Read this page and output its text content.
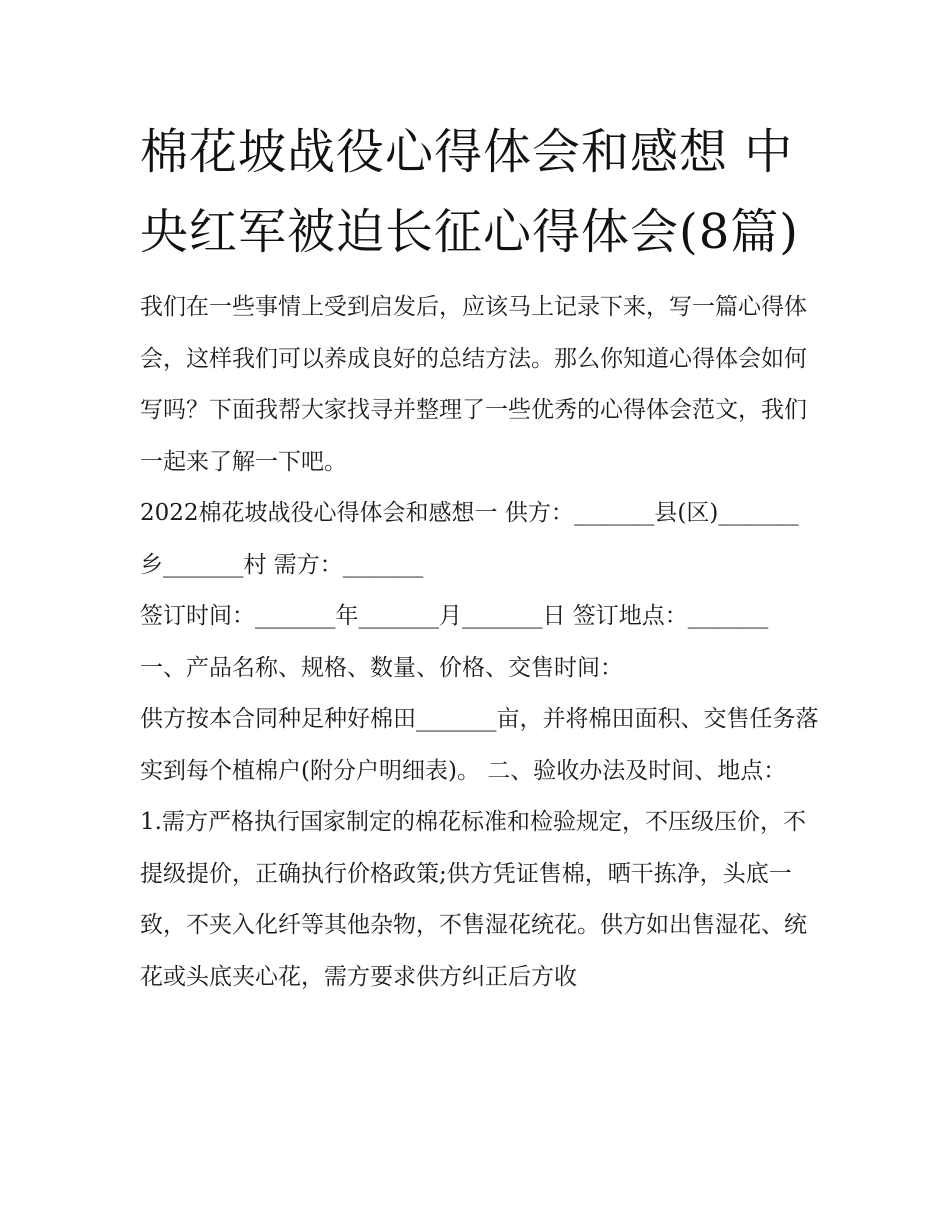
棉花坡战役心得体会和感想 中央红军被迫长征心得体会(8篇)

我们在一些事情上受到启发后，应该马上记录下来，写一篇心得体会，这样我们可以养成良好的总结方法。那么你知道心得体会如何写吗？下面我帮大家找寻并整理了一些优秀的心得体会范文，我们一起来了解一下吧。

2022棉花坡战役心得体会和感想一 供方：_______县(区)_______乡_______村 需方：_______

签订时间：_______年_______月_______日 签订地点：_______

一、产品名称、规格、数量、价格、交售时间：

供方按本合同种足种好棉田_______亩，并将棉田面积、交售任务落实到每个植棉户(附分户明细表)。 二、验收办法及时间、地点：

1.需方严格执行国家制定的棉花标准和检验规定，不压级压价，不提级提价，正确执行价格政策;供方凭证售棉，晒干拣净，头底一致，不夹入化纤等其他杂物，不售湿花统花。供方如出售湿花、统花或头底夹心花，需方要求供方纠正后方收
